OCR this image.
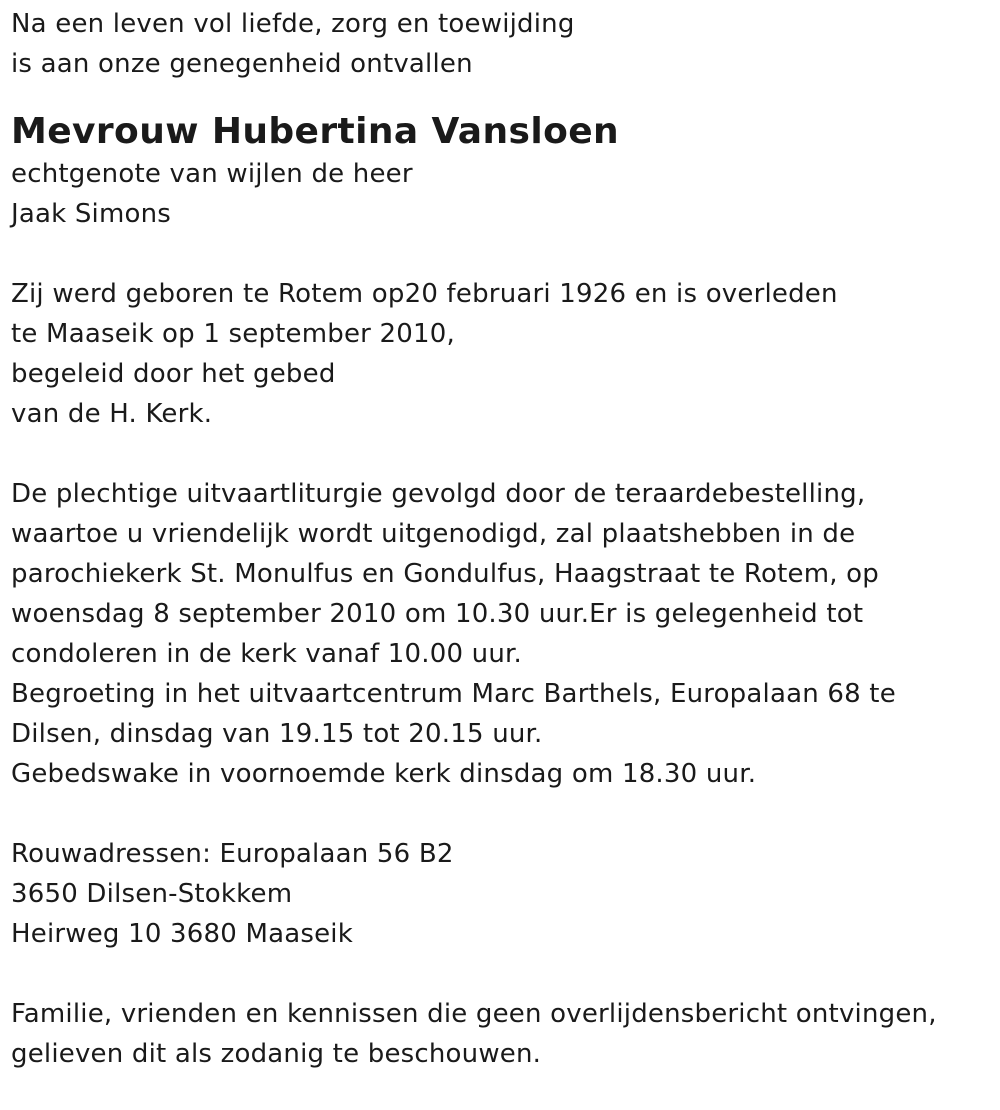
Na een leven vol liefde, zorg en toewijding
is aan onze genegenheid ontvallen
Mevrouw Hubertina Vansloen
echtgenote van wijlen de heer
Jaak Simons
Zij werd geboren te Rotem op20 februari 1926 en is overleden
te Maaseik op 1 september 2010,
begeleid door het gebed
van de H. Kerk.
De plechtige uitvaartliturgie gevolgd door de teraardebestelling,
waartoe u vriendelijk wordt uitgenodigd, zal plaatshebben in de
parochiekerk St. Monulfus en Gondulfus, Haagstraat te Rotem, op
woensdag 8 september 2010 om 10.30 uur.Er is gelegenheid tot
condoleren in de kerk vanaf 10.00 uur.
Begroeting in het uitvaartcentrum Marc Barthels, Europalaan 68 te
Dilsen, dinsdag van 19.15 tot 20.15 uur.
Gebedswake in voornoemde kerk dinsdag om 18.30 uur.
Rouwadressen: Europalaan 56 B2
3650 Dilsen-Stokkem
Heirweg 10 3680 Maaseik
Familie, vrienden en kennissen die geen overlijdensbericht ontvingen,
gelieven dit als zodanig te beschouwen.
